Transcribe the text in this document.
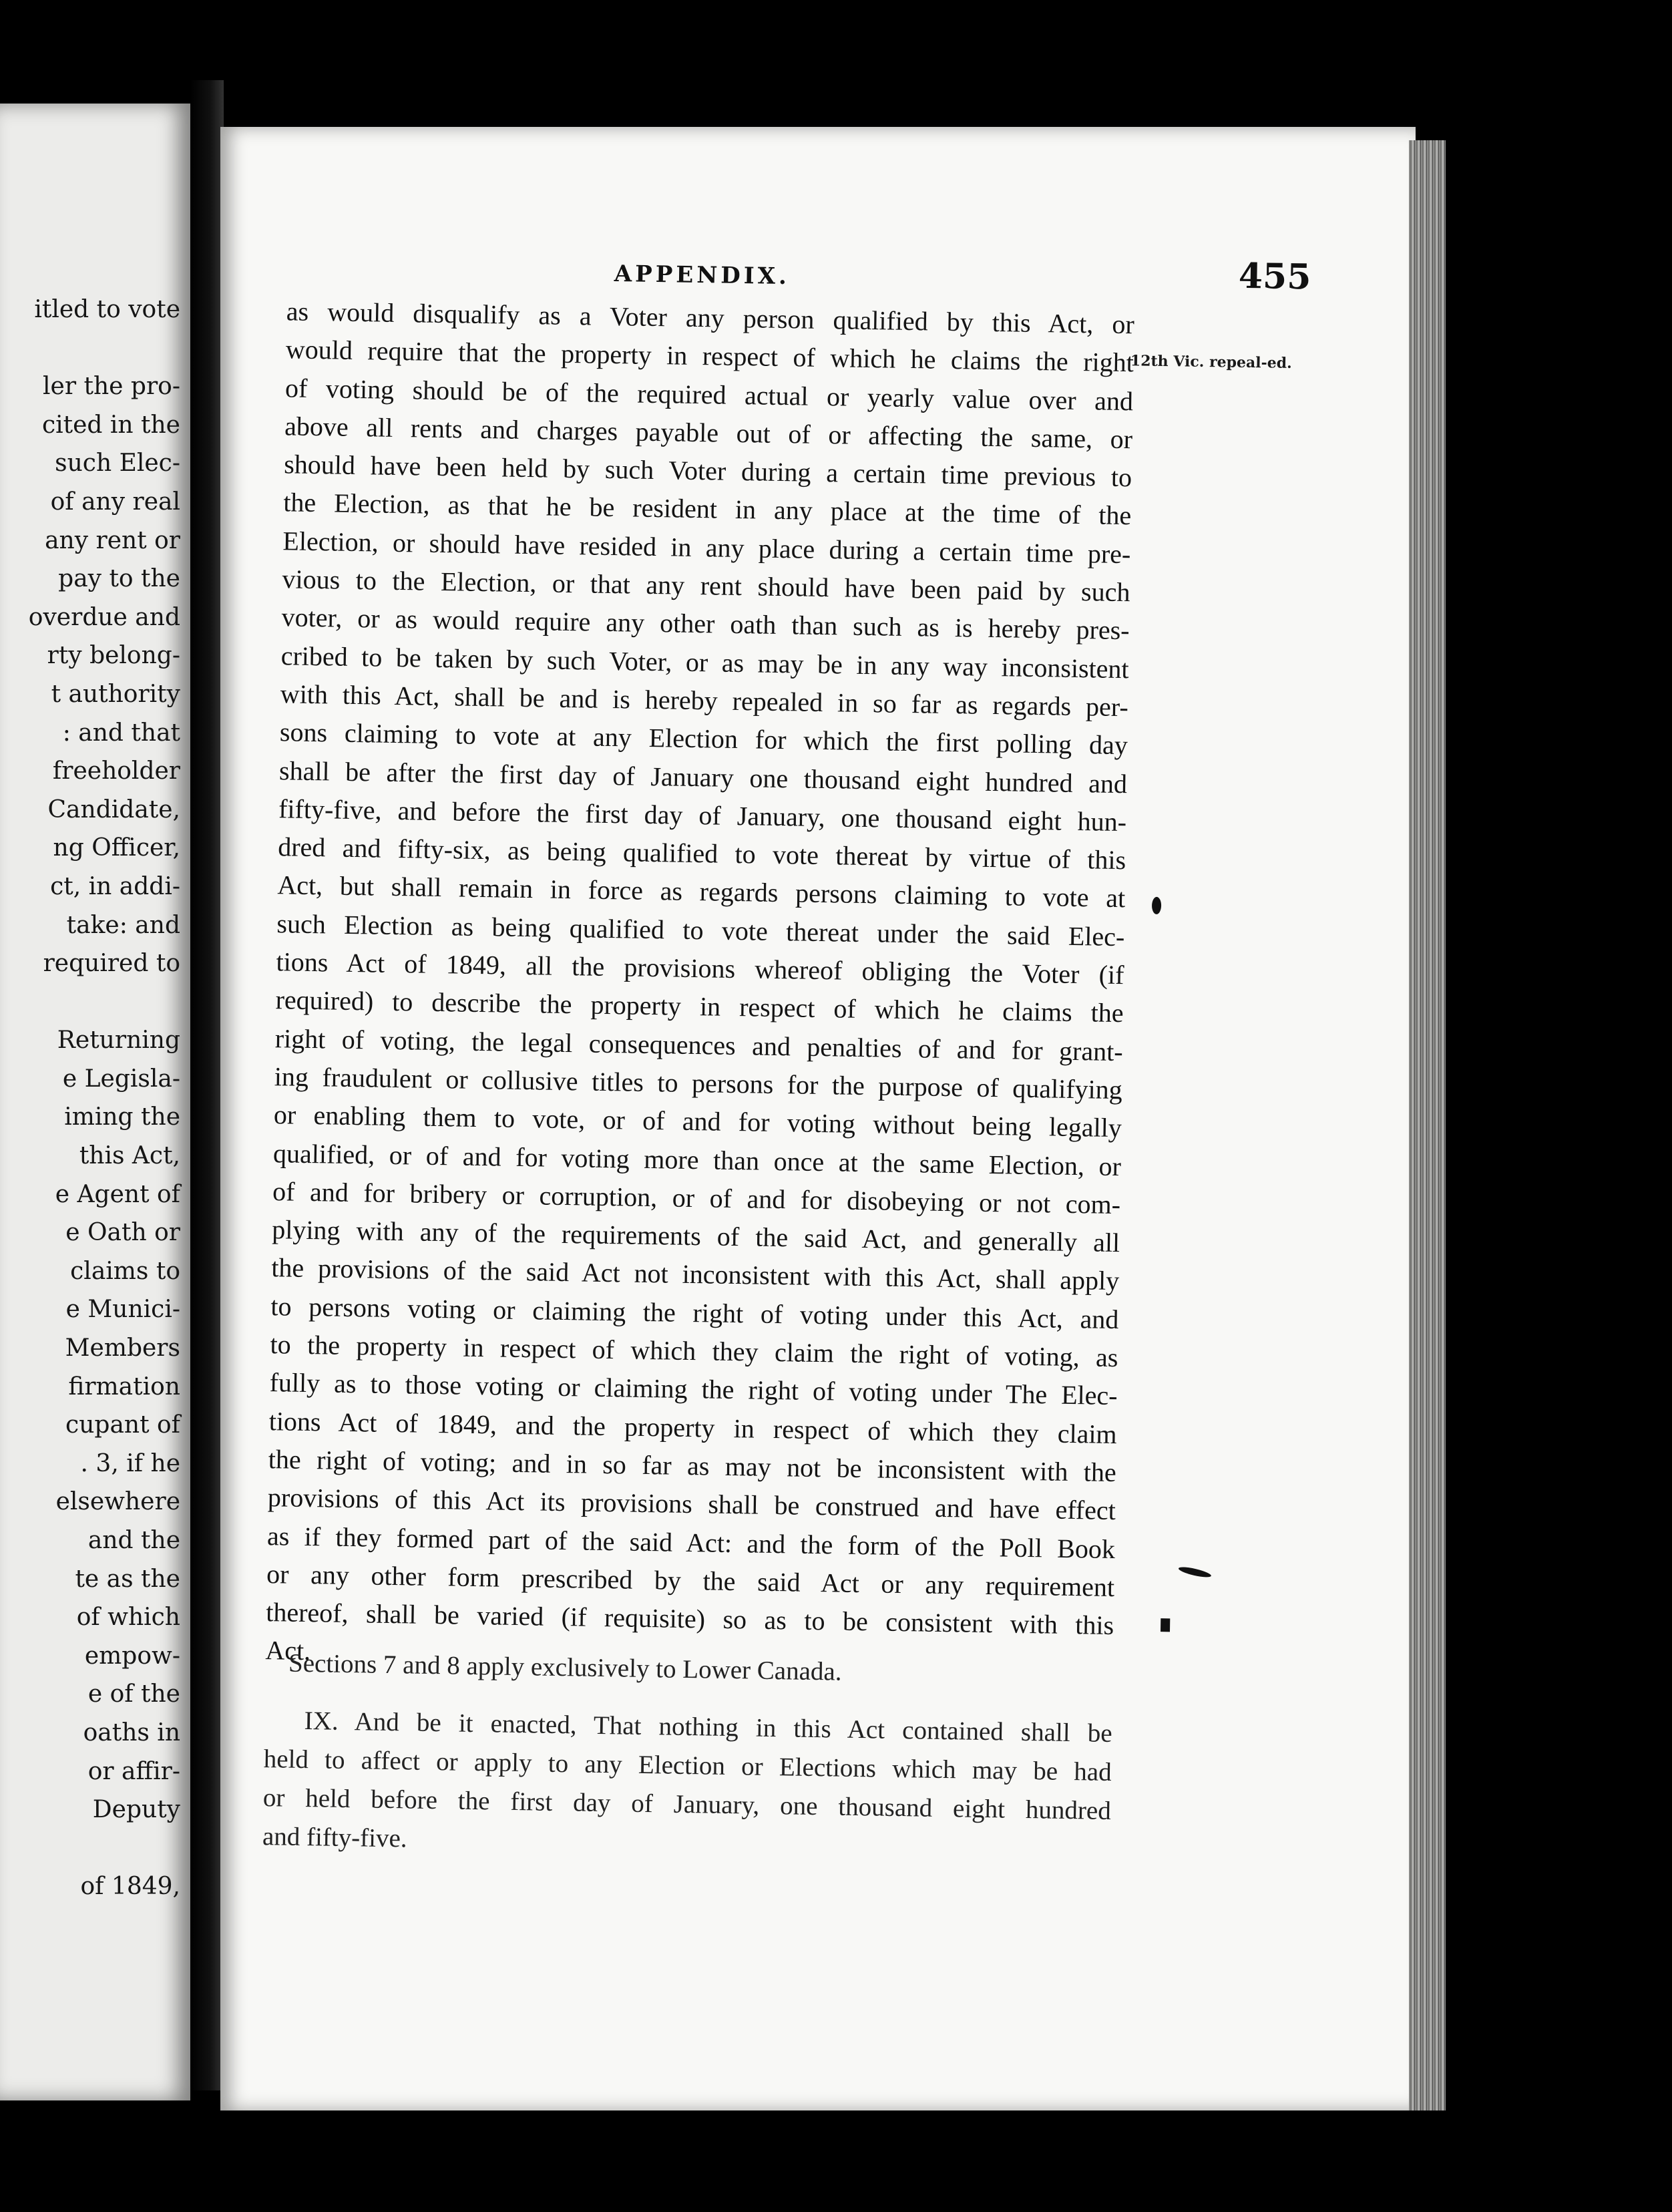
itled to vote
ler the pro-
cited in the
such Elec-
of any real
any rent or
pay to the
overdue and
rty belong-
t authority
: and that
freeholder
Candidate,
ng Officer,
ct, in addi-
take: and
required to
Returning
e Legisla-
iming the
this Act,
e Agent of
e Oath or
claims to
e Munici-
Members
firmation
cupant of
. 3, if he
elsewhere
and the
te as the
of which
empow-
e of the
oaths in
or affir-
Deputy
of 1849,
APPENDIX.	455
12th Vic. repeal-ed.
as would disqualify as a Voter any person qualified by this Act, or
would require that the property in respect of which he claims the right
of voting should be of the required actual or yearly value over and
above all rents and charges payable out of or affecting the same, or
should have been held by such Voter during a certain time previous to
the Election, as that he be resident in any place at the time of the
Election, or should have resided in any place during a certain time pre-
vious to the Election, or that any rent should have been paid by such
voter, or as would require any other oath than such as is hereby pres-
cribed to be taken by such Voter, or as may be in any way inconsistent
with this Act, shall be and is hereby repealed in so far as regards per-
sons claiming to vote at any Election for which the first polling day
shall be after the first day of January one thousand eight hundred and
fifty-five, and before the first day of January, one thousand eight hun-
dred and fifty-six, as being qualified to vote thereat by virtue of this
Act, but shall remain in force as regards persons claiming to vote at
such Election as being qualified to vote thereat under the said Elec-
tions Act of 1849, all the provisions whereof obliging the Voter (if
required) to describe the property in respect of which he claims the
right of voting, the legal consequences and penalties of and for grant-
ing fraudulent or collusive titles to persons for the purpose of qualifying
or enabling them to vote, or of and for voting without being legally
qualified, or of and for voting more than once at the same Election, or
of and for bribery or corruption, or of and for disobeying or not com-
plying with any of the requirements of the said Act, and generally all
the provisions of the said Act not inconsistent with this Act, shall apply
to persons voting or claiming the right of voting under this Act, and
to the property in respect of which they claim the right of voting, as
fully as to those voting or claiming the right of voting under The Elec-
tions Act of 1849, and the property in respect of which they claim
the right of voting; and in so far as may not be inconsistent with the
provisions of this Act its provisions shall be construed and have effect
as if they formed part of the said Act: and the form of the Poll Book
or any other form prescribed by the said Act or any requirement
thereof, shall be varied (if requisite) so as to be consistent with this
Act.
Sections 7 and 8 apply exclusively to Lower Canada.
IX. And be it enacted, That nothing in this Act contained shall be
held to affect or apply to any Election or Elections which may be had
or held before the first day of January, one thousand eight hundred
and fifty-five.
